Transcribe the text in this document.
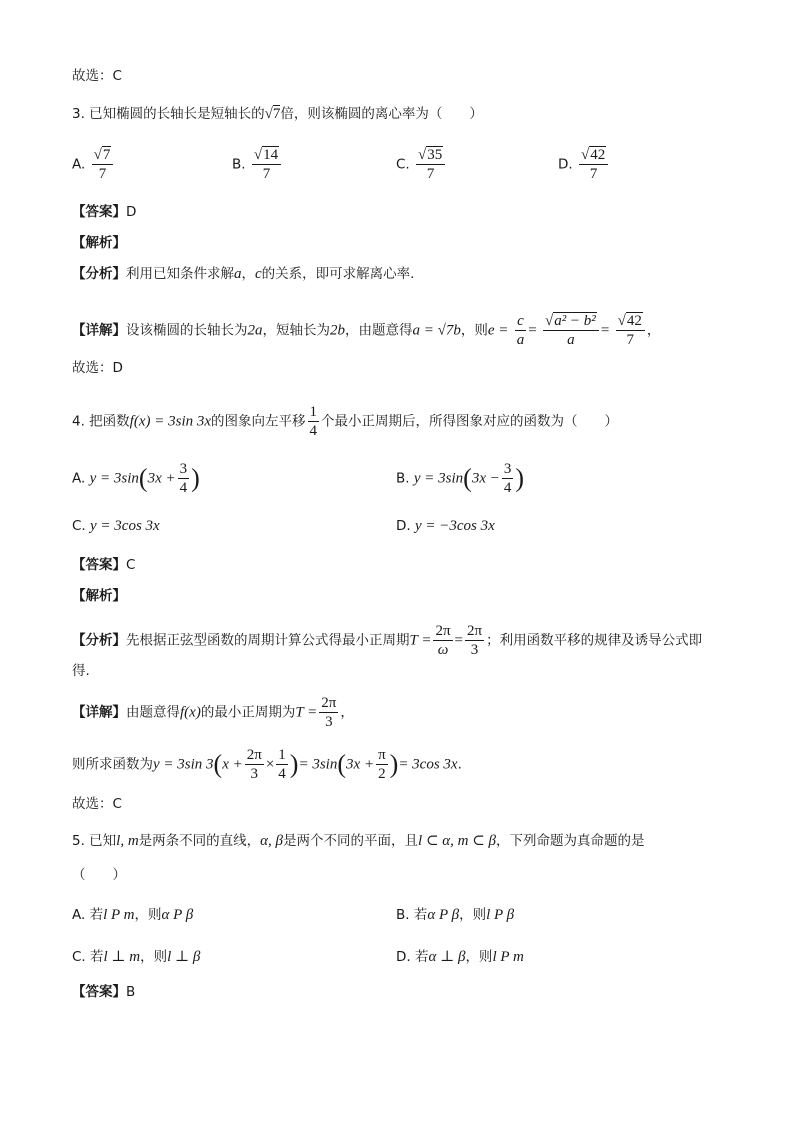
故选：C
3. 已知椭圆的长轴长是短轴长的√7倍，则该椭圆的离心率为（　　）
A. $\frac{√7}{7}$	B. $\frac{√14}{7}$	C. $\frac{√35}{7}$	D. $\frac{√42}{7}$
【答案】D
【解析】
【分析】利用已知条件求解a，c的关系，即可求解离心率.
【详解】设该椭圆的长轴长为2a，短轴长为2b，由题意得a = √7b，则$e = \frac{c}{a} = \frac{\text{√a² − b²}}{a} = \frac{√42}{7}$ ，
故选：D
4. 把函数f(x) = 3sin 3x的图象向左平移 $\frac{1}{4}$ 个最小正周期后，所得图象对应的函数为（　　）
A. $y = 3\sin(3x + \frac{3}{4}$ )	B. $y = 3\sin(3x - \frac{3}{4}$ )
C. y = 3cos 3x	D. y = −3cos 3x
【答案】C
【解析】
【分析】先根据正弦型函数的周期计算公式得最小正周期$T = \frac{2\pi}{\omega} = \frac{2\pi}{3}$ ；利用函数平移的规律及诱导公式即
得.
【详解】由题意得f(x)的最小正周期为$T = \frac{2\pi}{3}$ ，
则所求函数为y = 3sin $3(x + \frac{2\pi}{3} \times \frac{1}{4}$ )= $3\sin(3x + \frac{\pi}{2}$ )= 3cos 3x.
故选：C
5. 已知l, m是两条不同的直线，α, β是两个不同的平面，且l ⊂ α, m ⊂ β，下列命题为真命题的是
（　　）
A. 若l P m，则α P β	B. 若α P β，则l P β
C. 若l ⊥ m，则l ⊥ β	D. 若α ⊥ β，则l P m
【答案】B
